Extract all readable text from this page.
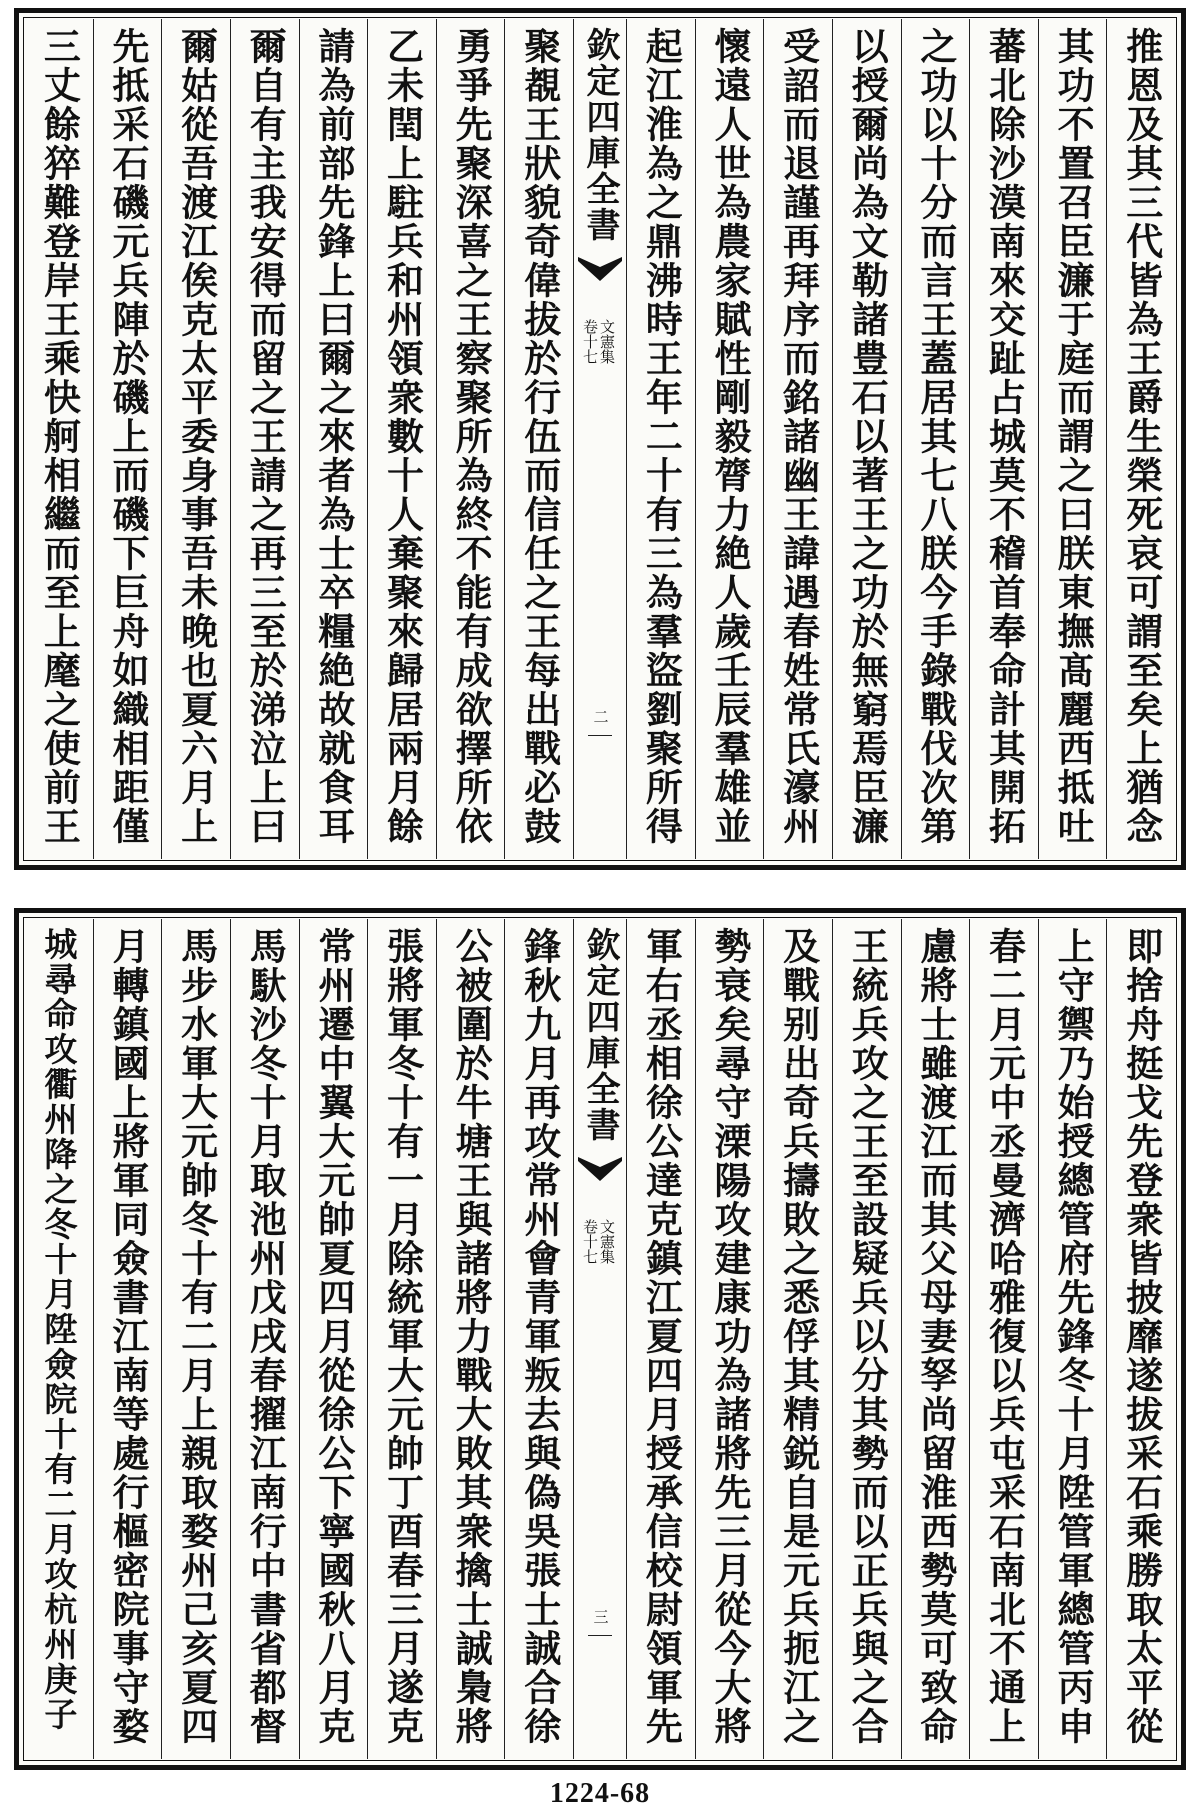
推恩及其三代皆為王爵生榮死哀可謂至矣上猶念
其功不置召臣濂于庭而謂之曰朕東撫髙麗西抵吐
蕃北除沙漠南來交趾占城莫不稽首奉命計其開拓
之功以十分而言王蓋居其七八朕今手錄戰伐次第
以授爾尚為文勒諸豊石以著王之功於無窮焉臣濂
受詔而退謹再拜序而銘諸幽王諱遇春姓常氏濠州
懷遠人世為農家賦性剛毅膂力絶人歲壬辰羣雄並
起江淮為之鼎沸時王年二十有三為羣盜劉聚所得
欽定四庫全書
文憲集
卷十七
二
聚覩王狀貌奇偉拔於行伍而信任之王每出戰必鼓
勇爭先聚深喜之王察聚所為終不能有成欲擇所依
乙未閏上駐兵和州領衆數十人棄聚來歸居兩月餘
請為前部先鋒上曰爾之來者為士卒糧絶故就食耳
爾自有主我安得而留之王請之再三至於涕泣上曰
爾姑從吾渡江俟克太平委身事吾未晚也夏六月上
先抵采石磯元兵陣於磯上而磯下巨舟如織相距僅
三丈餘猝難登岸王乘快舸相繼而至上麾之使前王
即捨舟挺戈先登衆皆披靡遂拔采石乘勝取太平從
上守禦乃始授總管府先鋒冬十月陞管軍總管丙申
春二月元中丞曼濟哈雅復以兵屯采石南北不通上
慮將士雖渡江而其父母妻孥尚留淮西勢莫可致命
王統兵攻之王至設疑兵以分其勢而以正兵與之合
及戰别出奇兵擣敗之悉俘其精鋭自是元兵扼江之
勢衰矣尋守溧陽攻建康功為諸將先三月從今大將
軍右丞相徐公達克鎮江夏四月授承信校尉領軍先
欽定四庫全書
文憲集
卷十七
三
鋒秋九月再攻常州會青軍叛去與偽吳張士誠合徐
公被圍於牛塘王與諸將力戰大敗其衆擒士誠梟將
張將軍冬十有一月除統軍大元帥丁酉春三月遂克
常州遷中翼大元帥夏四月從徐公下寧國秋八月克
馬馱沙冬十月取池州戊戌春擢江南行中書省都督
馬步水軍大元帥冬十有二月上親取婺州己亥夏四
月轉鎮國上將軍同僉書江南等處行樞密院事守婺
城尋命攻衢州降之冬十月陞僉院十有二月攻杭州庚子
1224-68
